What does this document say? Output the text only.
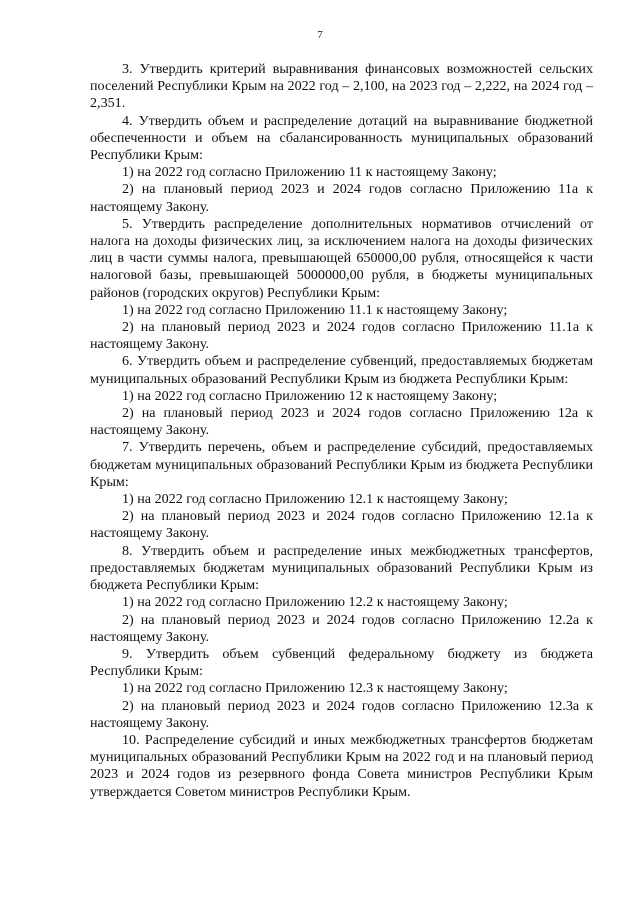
7

3. Утвердить критерий выравнивания финансовых возможностей сельских поселений Республики Крым на 2022 год – 2,100, на 2023 год – 2,222, на 2024 год – 2,351.

4. Утвердить объем и распределение дотаций на выравнивание бюджетной обеспеченности и объем на сбалансированность муниципальных образований Республики Крым:

1) на 2022 год согласно Приложению 11 к настоящему Закону;

2) на плановый период 2023 и 2024 годов согласно Приложению 11а к настоящему Закону.

5. Утвердить распределение дополнительных нормативов отчислений от налога на доходы физических лиц, за исключением налога на доходы физических лиц в части суммы налога, превышающей 650000,00 рубля, относящейся к части налоговой базы, превышающей 5000000,00 рубля, в бюджеты муниципальных районов (городских округов) Республики Крым:

1) на 2022 год согласно Приложению 11.1 к настоящему Закону;

2) на плановый период 2023 и 2024 годов согласно Приложению 11.1а к настоящему Закону.

6. Утвердить объем и распределение субвенций, предоставляемых бюджетам муниципальных образований Республики Крым из бюджета Республики Крым:

1) на 2022 год согласно Приложению 12 к настоящему Закону;

2) на плановый период 2023 и 2024 годов согласно Приложению 12а к настоящему Закону.

7. Утвердить перечень, объем и распределение субсидий, предоставляемых бюджетам муниципальных образований Республики Крым из бюджета Республики Крым:

1) на 2022 год согласно Приложению 12.1 к настоящему Закону;

2) на плановый период 2023 и 2024 годов согласно Приложению 12.1а к настоящему Закону.

8. Утвердить объем и распределение иных межбюджетных трансфертов, предоставляемых бюджетам муниципальных образований Республики Крым из бюджета Республики Крым:

1) на 2022 год согласно Приложению 12.2 к настоящему Закону;

2) на плановый период 2023 и 2024 годов согласно Приложению 12.2а к настоящему Закону.

9. Утвердить объем субвенций федеральному бюджету из бюджета Республики Крым:

1) на 2022 год согласно Приложению 12.3 к настоящему Закону;

2) на плановый период 2023 и 2024 годов согласно Приложению 12.3а к настоящему Закону.

10. Распределение субсидий и иных межбюджетных трансфертов бюджетам муниципальных образований Республики Крым на 2022 год и на плановый период 2023 и 2024 годов из резервного фонда Совета министров Республики Крым утверждается Советом министров Республики Крым.
